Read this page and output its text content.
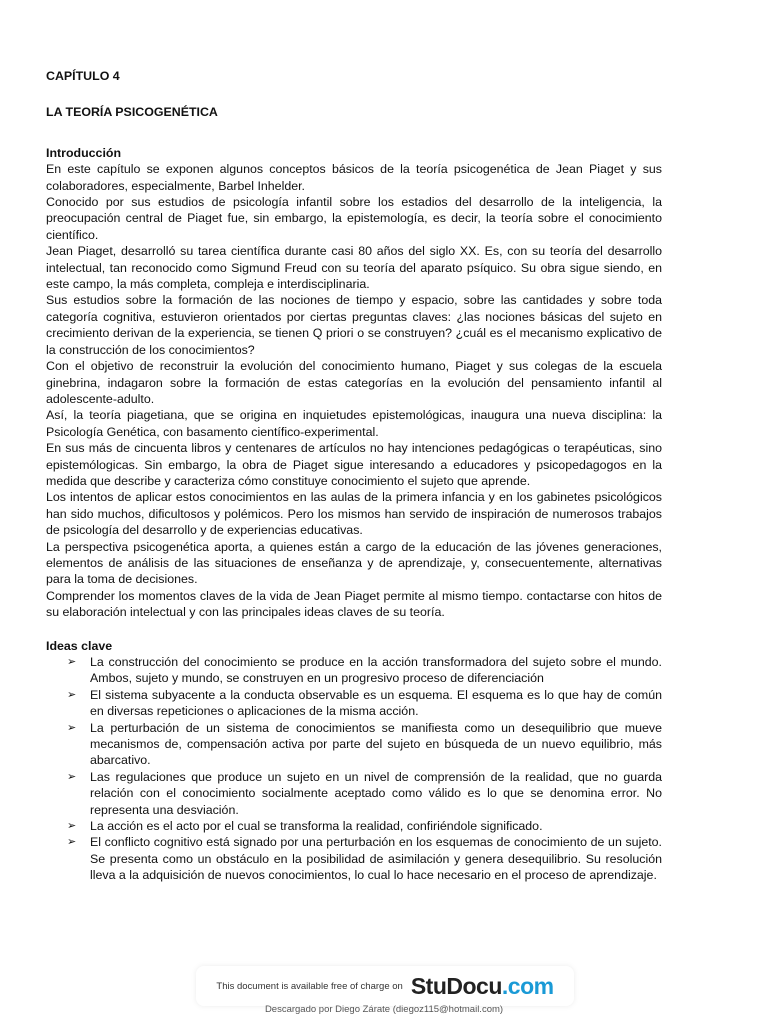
CAPÍTULO 4

LA TEORÍA PSICOGENÉTICA

Introducción

En este capítulo se exponen algunos conceptos básicos de la teoría psicogenética de Jean Piaget y sus colaboradores, especialmente, Barbel Inhelder.

Conocido por sus estudios de psicología infantil sobre los estadios del desarrollo de la inteligencia, la preocupación central de Piaget fue, sin embargo, la epistemología, es decir, la teoría sobre el conocimiento científico.

Jean Piaget, desarrolló su tarea científica durante casi 80 años del siglo XX. Es, con su teoría del desarrollo intelectual, tan reconocido como Sigmund Freud con su teoría del aparato psíquico. Su obra sigue siendo, en este campo, la más completa, compleja e interdisciplinaria.

Sus estudios sobre la formación de las nociones de tiempo y espacio, sobre las cantidades y sobre toda categoría cognitiva, estuvieron orientados por ciertas preguntas claves: ¿las nociones básicas del sujeto en crecimiento derivan de la experiencia, se tienen Q priori o se construyen? ¿cuál es el mecanismo explicativo de la construcción de los conocimientos?

Con el objetivo de reconstruir la evolución del conocimiento humano, Piaget y sus colegas de la escuela ginebrina, indagaron sobre la formación de estas categorías en la evolución del pensamiento infantil al adolescente-adulto.

Así, la teoría piagetiana, que se origina en inquietudes epistemológicas, inaugura una nueva disciplina: la Psicología Genética, con basamento científico-experimental.

En sus más de cincuenta libros y centenares de artículos no hay intenciones pedagógicas o terapéuticas, sino epistemólogicas. Sin embargo, la obra de Piaget sigue interesando a educadores y psicopedagogos en la medida que describe y caracteriza cómo constituye conocimiento el sujeto que aprende.

Los intentos de aplicar estos conocimientos en las aulas de la primera infancia y en los gabinetes psicológicos han sido muchos, dificultosos y polémicos. Pero los mismos han servido de inspiración de numerosos trabajos de psicología del desarrollo y de experiencias educativas.

La perspectiva psicogenética aporta, a quienes están a cargo de la educación de las jóvenes generaciones, elementos de análisis de las situaciones de enseñanza y de aprendizaje, y, consecuentemente, alternativas para la toma de decisiones.

Comprender los momentos claves de la vida de Jean Piaget permite al mismo tiempo. contactarse con hitos de su elaboración intelectual y con las principales ideas claves de su teoría.

Ideas clave

➢ La construcción del conocimiento se produce en la acción transformadora del sujeto sobre el mundo. Ambos, sujeto y mundo, se construyen en un progresivo proceso de diferenciación
➢ El sistema subyacente a la conducta observable es un esquema. El esquema es lo que hay de común en diversas repeticiones o aplicaciones de la misma acción.
➢ La perturbación de un sistema de conocimientos se manifiesta como un desequilibrio que mueve mecanismos de, compensación activa por parte del sujeto en búsqueda de un nuevo equilibrio, más abarcativo.
➢ Las regulaciones que produce un sujeto en un nivel de comprensión de la realidad, que no guarda relación con el conocimiento socialmente aceptado como válido es lo que se denomina error. No representa una desviación.
➢ La acción es el acto por el cual se transforma la realidad, confiriéndole significado.
➢ El conflicto cognitivo está signado por una perturbación en los esquemas de conocimiento de un sujeto. Se presenta como un obstáculo en la posibilidad de asimilación y genera desequilibrio. Su resolución lleva a la adquisición de nuevos conocimientos, lo cual lo hace necesario en el proceso de aprendizaje.
This document is available free of charge on StuDocu.com
Descargado por Diego Zárate (diegoz115@hotmail.com)
